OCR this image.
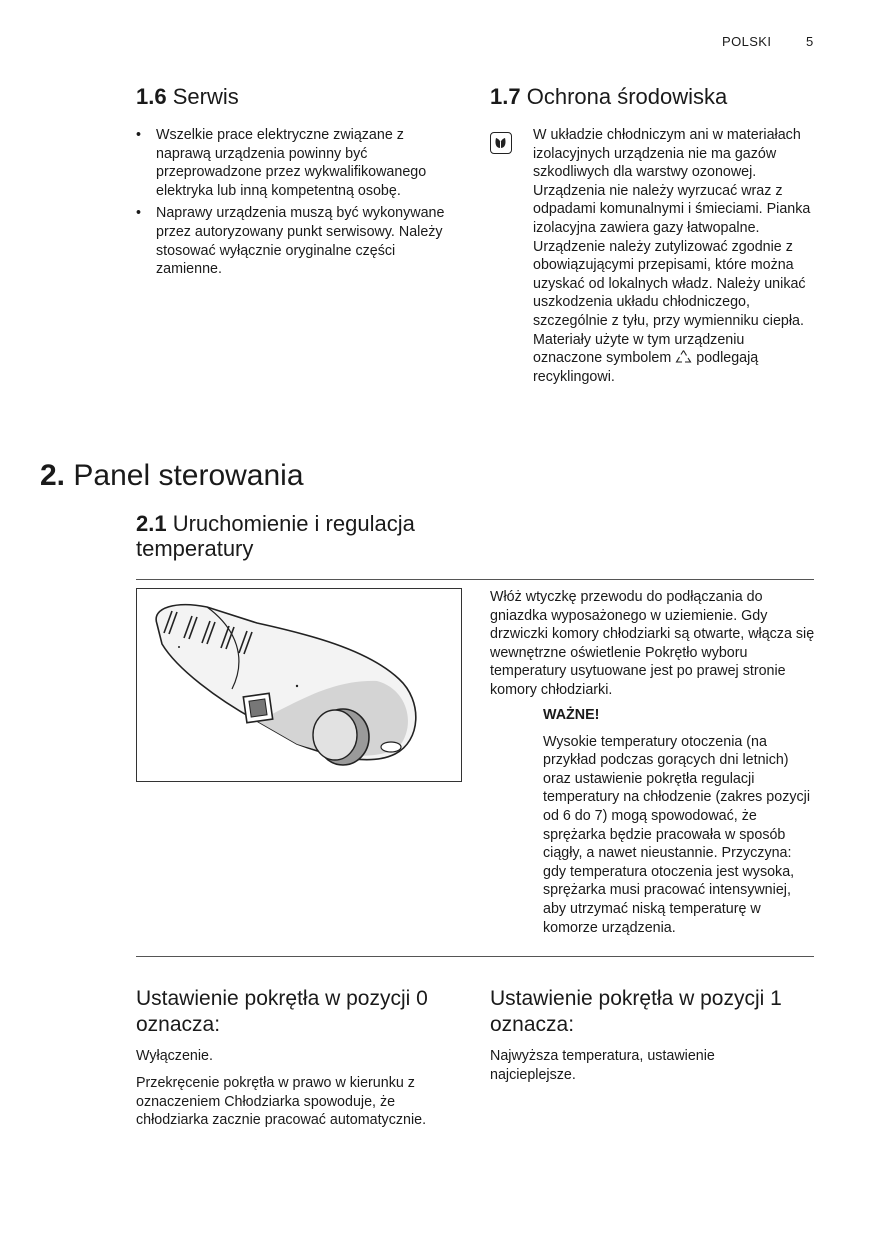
POLSKI	5
1.6 Serwis
• Wszelkie prace elektryczne związane z naprawą urządzenia powinny być przeprowadzone przez wykwalifikowanego elektryka lub inną kompetentną osobę.
• Naprawy urządzenia muszą być wykonywane przez autoryzowany punkt serwisowy. Należy stosować wyłącznie oryginalne części zamienne.
1.7 Ochrona środowiska
W układzie chłodniczym ani w materiałach izolacyjnych urządzenia nie ma gazów szkodliwych dla warstwy ozonowej. Urządzenia nie należy wyrzucać wraz z odpadami komunalnymi i śmieciami. Pianka izolacyjna zawiera gazy łatwopalne. Urządzenie należy zutylizować zgodnie z obowiązującymi przepisami, które można uzyskać od lokalnych władz. Należy unikać uszkodzenia układu chłodniczego, szczególnie z tyłu, przy wymienniku ciepła. Materiały użyte w tym urządzeniu oznaczone symbolem podlegają recyklingowi.
2. Panel sterowania
2.1 Uruchomienie i regulacja temperatury

Włóż wtyczkę przewodu do podłączania do gniazdka wyposażonego w uziemienie. Gdy drzwiczki komory chłodziarki są otwarte, włącza się wewnętrzne oświetlenie Pokrętło wyboru temperatury usytuowane jest po prawej stronie komory chłodziarki.

WAŻNE!

Wysokie temperatury otoczenia (na przykład podczas gorących dni letnich) oraz ustawienie pokrętła regulacji temperatury na chłodzenie (zakres pozycji od 6 do 7) mogą spowodować, że sprężarka będzie pracowała w sposób ciągły, a nawet nieustannie. Przyczyna: gdy temperatura otoczenia jest wysoka, sprężarka musi pracować intensywniej, aby utrzymać niską temperaturę w komorze urządzenia.

Ustawienie pokrętła w pozycji 0 oznacza:

Wyłączenie.

Przekręcenie pokrętła w prawo w kierunku z oznaczeniem Chłodziarka spowoduje, że chłodziarka zacznie pracować automatycznie.

Ustawienie pokrętła w pozycji 1 oznacza:

Najwyższa temperatura, ustawienie najcieplejsze.
